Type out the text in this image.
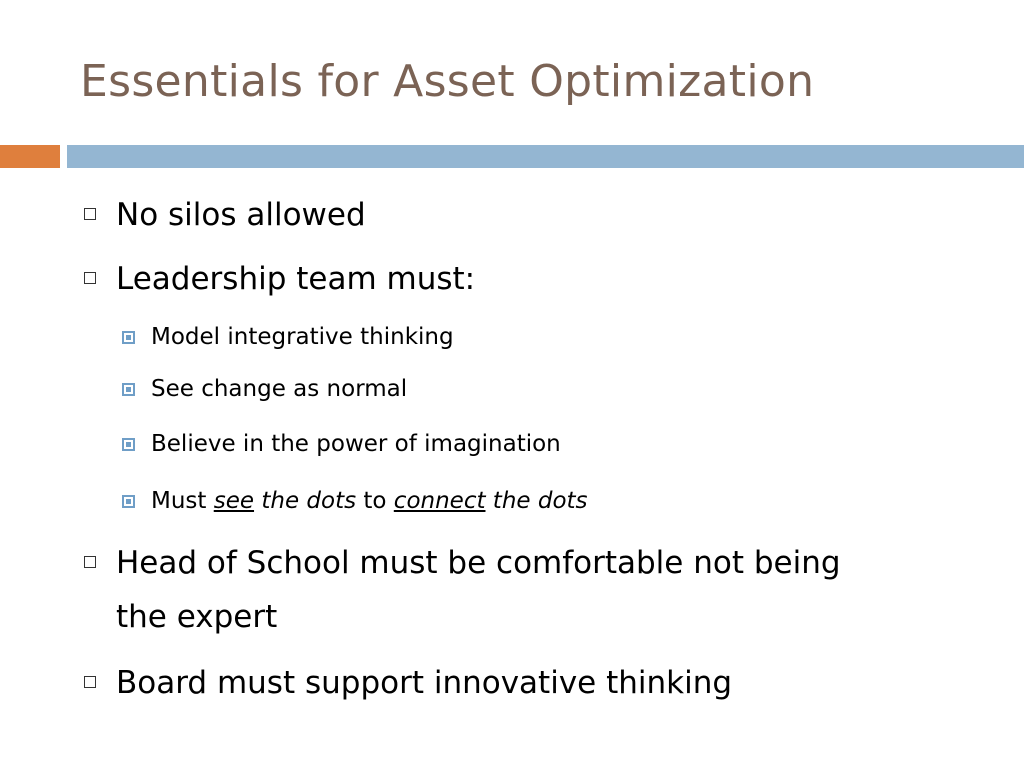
Essentials for Asset Optimization
No silos allowed
Leadership team must:
Model integrative thinking
See change as normal
Believe in the power of imagination
Must see the dots to connect the dots
Head of School must be comfortable not being
the expert
Board must support innovative thinking
